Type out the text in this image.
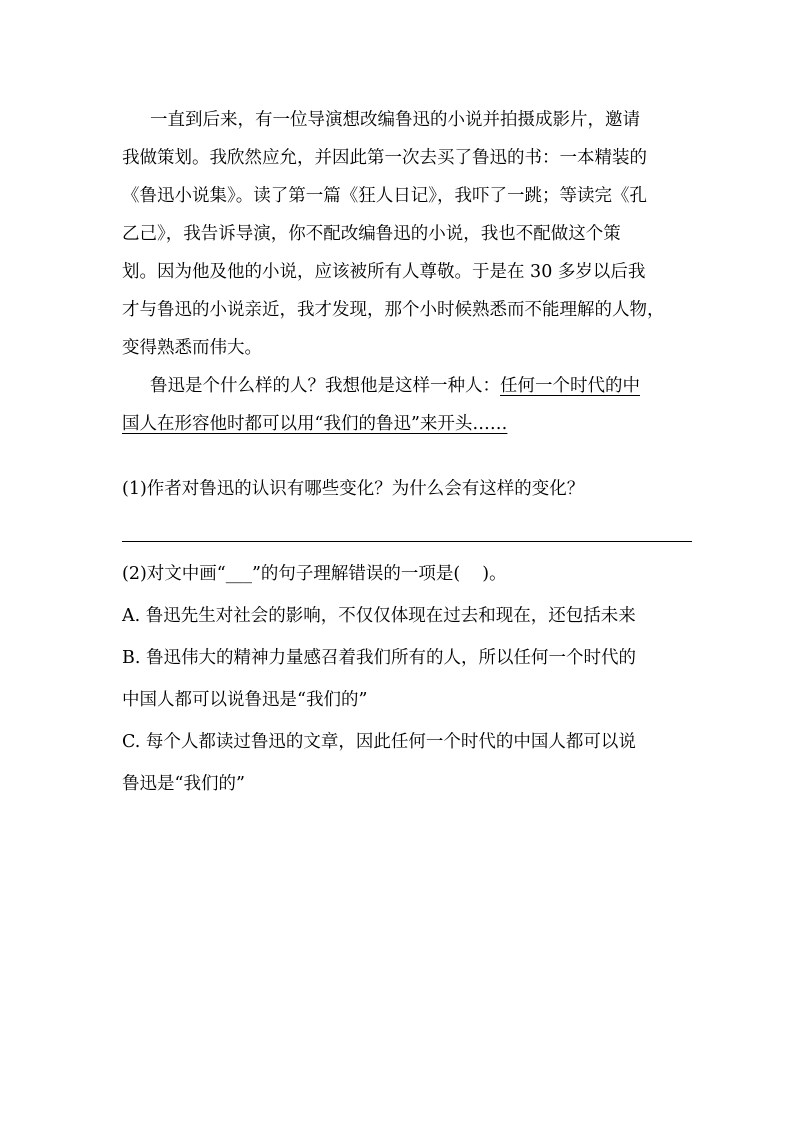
一直到后来，有一位导演想改编鲁迅的小说并拍摄成影片，邀请
我做策划。我欣然应允，并因此第一次去买了鲁迅的书：一本精装的
《鲁迅小说集》。读了第一篇《狂人日记》，我吓了一跳；等读完《孔
乙己》，我告诉导演，你不配改编鲁迅的小说，我也不配做这个策
划。因为他及他的小说，应该被所有人尊敬。于是在 30 多岁以后我
才与鲁迅的小说亲近，我才发现，那个小时候熟悉而不能理解的人物，
变得熟悉而伟大。
鲁迅是个什么样的人？我想他是这样一种人：任何一个时代的中
国人在形容他时都可以用“我们的鲁迅”来开头……
(1)作者对鲁迅的认识有哪些变化？为什么会有这样的变化？
(2)对文中画“___”的句子理解错误的一项是( )。
A. 鲁迅先生对社会的影响，不仅仅体现在过去和现在，还包括未来
B. 鲁迅伟大的精神力量感召着我们所有的人，所以任何一个时代的
中国人都可以说鲁迅是“我们的”
C. 每个人都读过鲁迅的文章，因此任何一个时代的中国人都可以说
鲁迅是“我们的”
